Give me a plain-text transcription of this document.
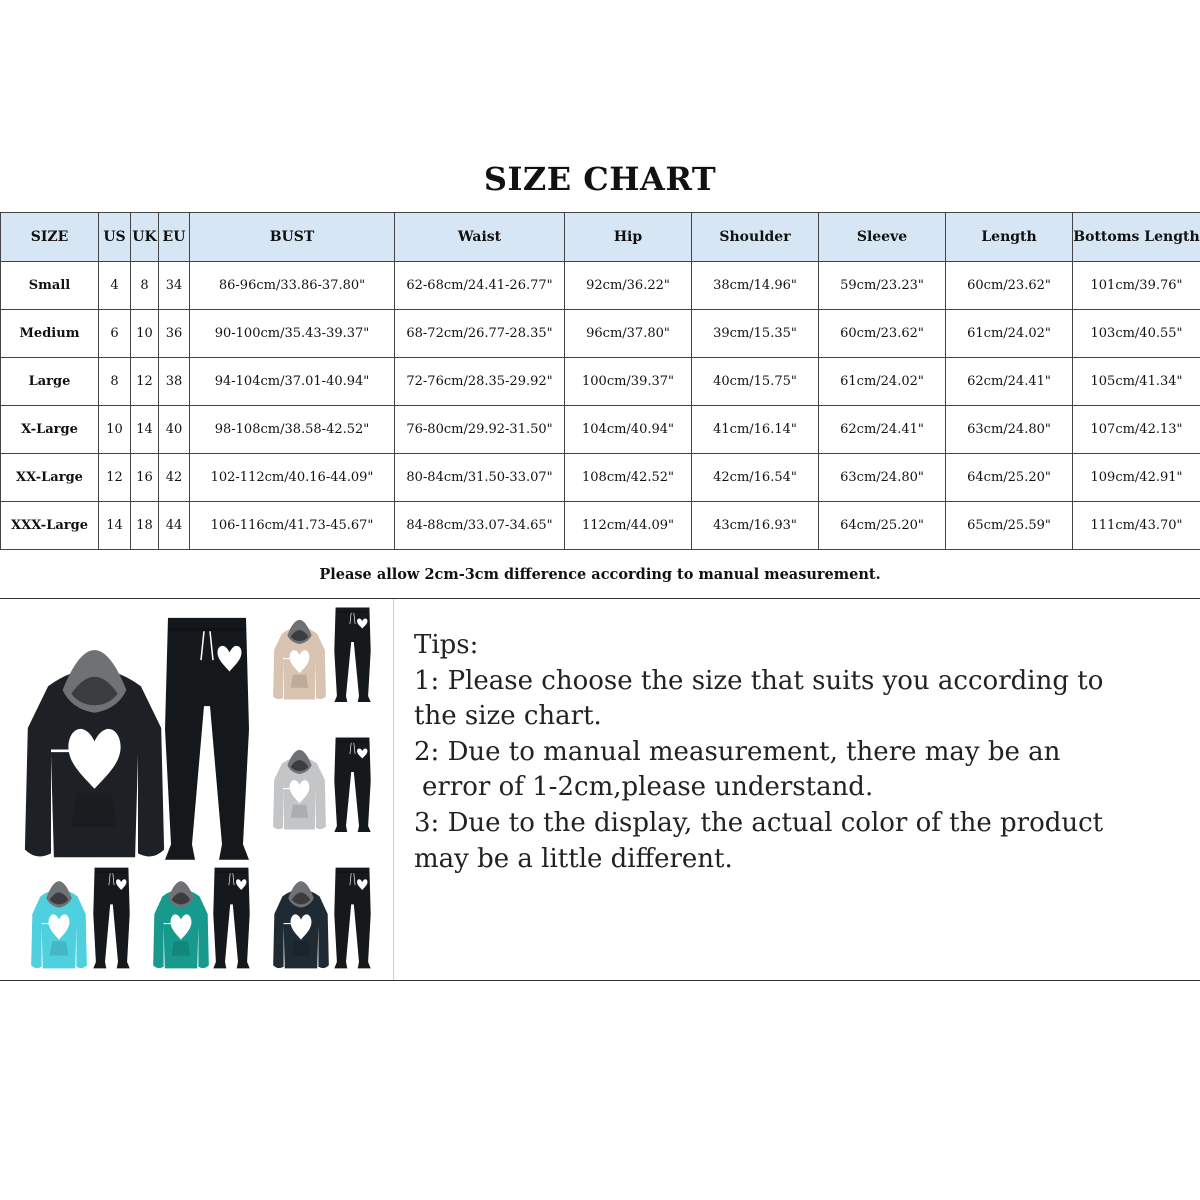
SIZE CHART
SIZE	US	UK	EU	BUST	Waist	Hip	Shoulder	Sleeve	Length	Bottoms Length
Small	4	8	34	86-96cm/33.86-37.80"	62-68cm/24.41-26.77"	92cm/36.22"	38cm/14.96"	59cm/23.23"	60cm/23.62"	101cm/39.76"
Medium	6	10	36	90-100cm/35.43-39.37"	68-72cm/26.77-28.35"	96cm/37.80"	39cm/15.35"	60cm/23.62"	61cm/24.02"	103cm/40.55"
Large	8	12	38	94-104cm/37.01-40.94"	72-76cm/28.35-29.92"	100cm/39.37"	40cm/15.75"	61cm/24.02"	62cm/24.41"	105cm/41.34"
X-Large	10	14	40	98-108cm/38.58-42.52"	76-80cm/29.92-31.50"	104cm/40.94"	41cm/16.14"	62cm/24.41"	63cm/24.80"	107cm/42.13"
XX-Large	12	16	42	102-112cm/40.16-44.09"	80-84cm/31.50-33.07"	108cm/42.52"	42cm/16.54"	63cm/24.80"	64cm/25.20"	109cm/42.91"
XXX-Large	14	18	44	106-116cm/41.73-45.67"	84-88cm/33.07-34.65"	112cm/44.09"	43cm/16.93"	64cm/25.20"	65cm/25.59"	111cm/43.70"
Please allow 2cm-3cm difference according to manual measurement.
Tips:
1: Please choose the size that suits you according to
the size chart.
2: Due to manual measurement, there may be an
error of 1-2cm,please understand.
3: Due to the display, the actual color of the product
may be a little different.
